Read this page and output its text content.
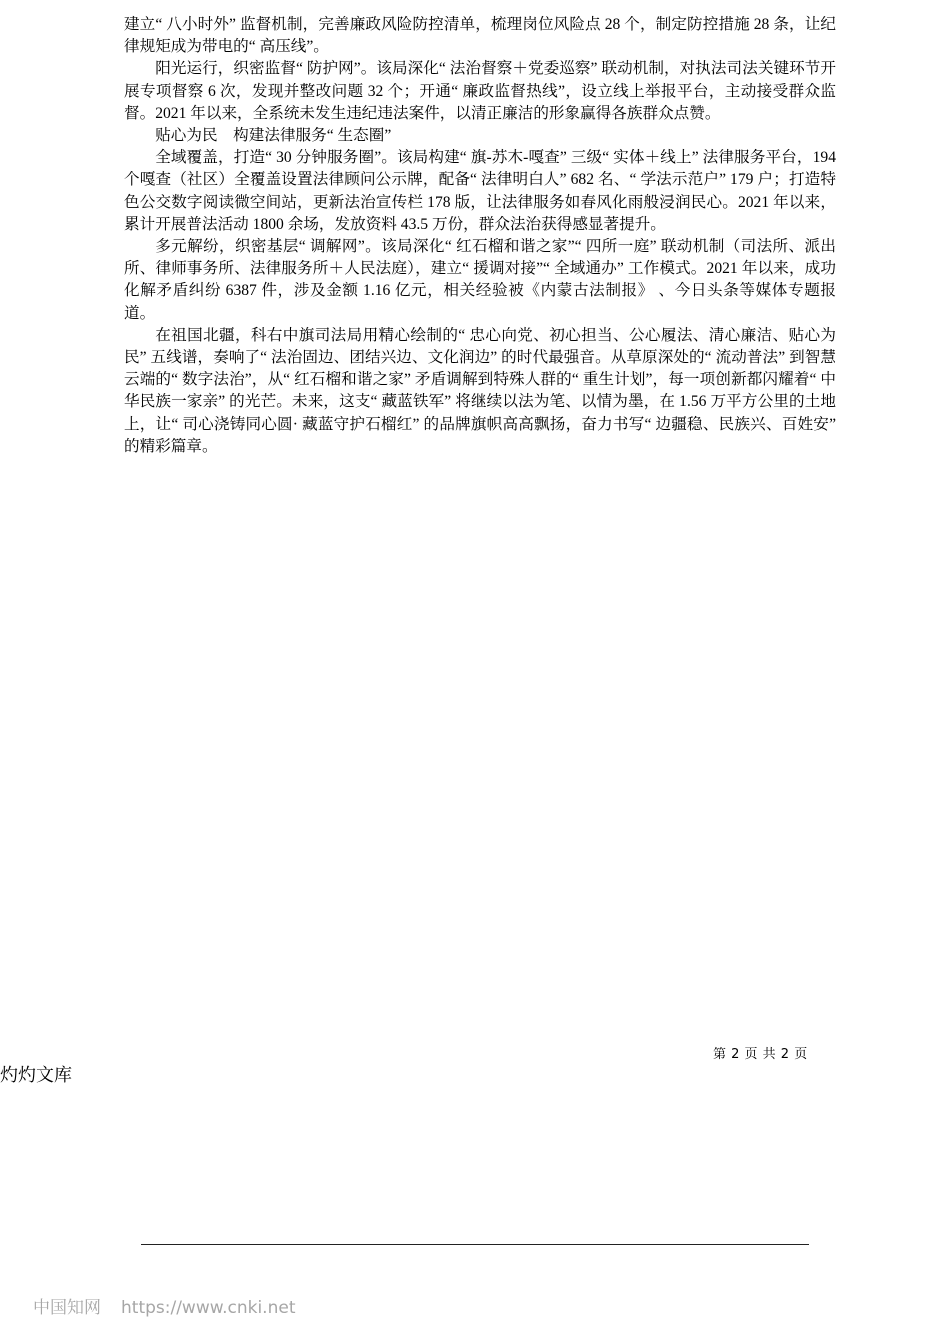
建立“ 八小时外” 监督机制，完善廉政风险防控清单，梳理岗位风险点 28 个，制定防控措施 28 条，让纪律规矩成为带电的“ 高压线”。

阳光运行，织密监督“ 防护网”。该局深化“ 法治督察＋党委巡察” 联动机制，对执法司法关键环节开展专项督察 6 次，发现并整改问题 32 个；开通“ 廉政监督热线”，设立线上举报平台，主动接受群众监督。2021 年以来，全系统未发生违纪违法案件，以清正廉洁的形象赢得各族群众点赞。

贴心为民　构建法律服务“ 生态圈”

全域覆盖，打造“ 30 分钟服务圈”。该局构建“ 旗-苏木-嘎查” 三级“ 实体＋线上” 法律服务平台，194 个嘎查（社区）全覆盖设置法律顾问公示牌，配备“ 法律明白人” 682 名、“ 学法示范户” 179 户；打造特色公交数字阅读微空间站，更新法治宣传栏 178 版，让法律服务如春风化雨般浸润民心。2021 年以来，累计开展普法活动 1800 余场，发放资料 43.5 万份，群众法治获得感显著提升。

多元解纷，织密基层“ 调解网”。该局深化“ 红石榴和谐之家”“ 四所一庭” 联动机制（司法所、派出所、律师事务所、法律服务所＋人民法庭），建立“ 援调对接”“ 全域通办” 工作模式。2021 年以来，成功化解矛盾纠纷 6387 件，涉及金额 1.16 亿元，相关经验被《内蒙古法制报》 、今日头条等媒体专题报道。

在祖国北疆，科右中旗司法局用精心绘制的“ 忠心向党、初心担当、公心履法、清心廉洁、贴心为民” 五线谱，奏响了“ 法治固边、团结兴边、文化润边” 的时代最强音。从草原深处的“ 流动普法” 到智慧云端的“ 数字法治”，从“ 红石榴和谐之家” 矛盾调解到特殊人群的“ 重生计划”，每一项创新都闪耀着“ 中华民族一家亲” 的光芒。未来，这支“ 藏蓝铁军” 将继续以法为笔、以情为墨，在 1.56 万平方公里的土地上，让“ 司心浇铸同心圆· 藏蓝守护石榴红” 的品牌旗帜高高飘扬，奋力书写“ 边疆稳、民族兴、百姓安” 的精彩篇章。

第 2 页 共 2 页
灼灼文库
中国知网 https://www.cnki.net
